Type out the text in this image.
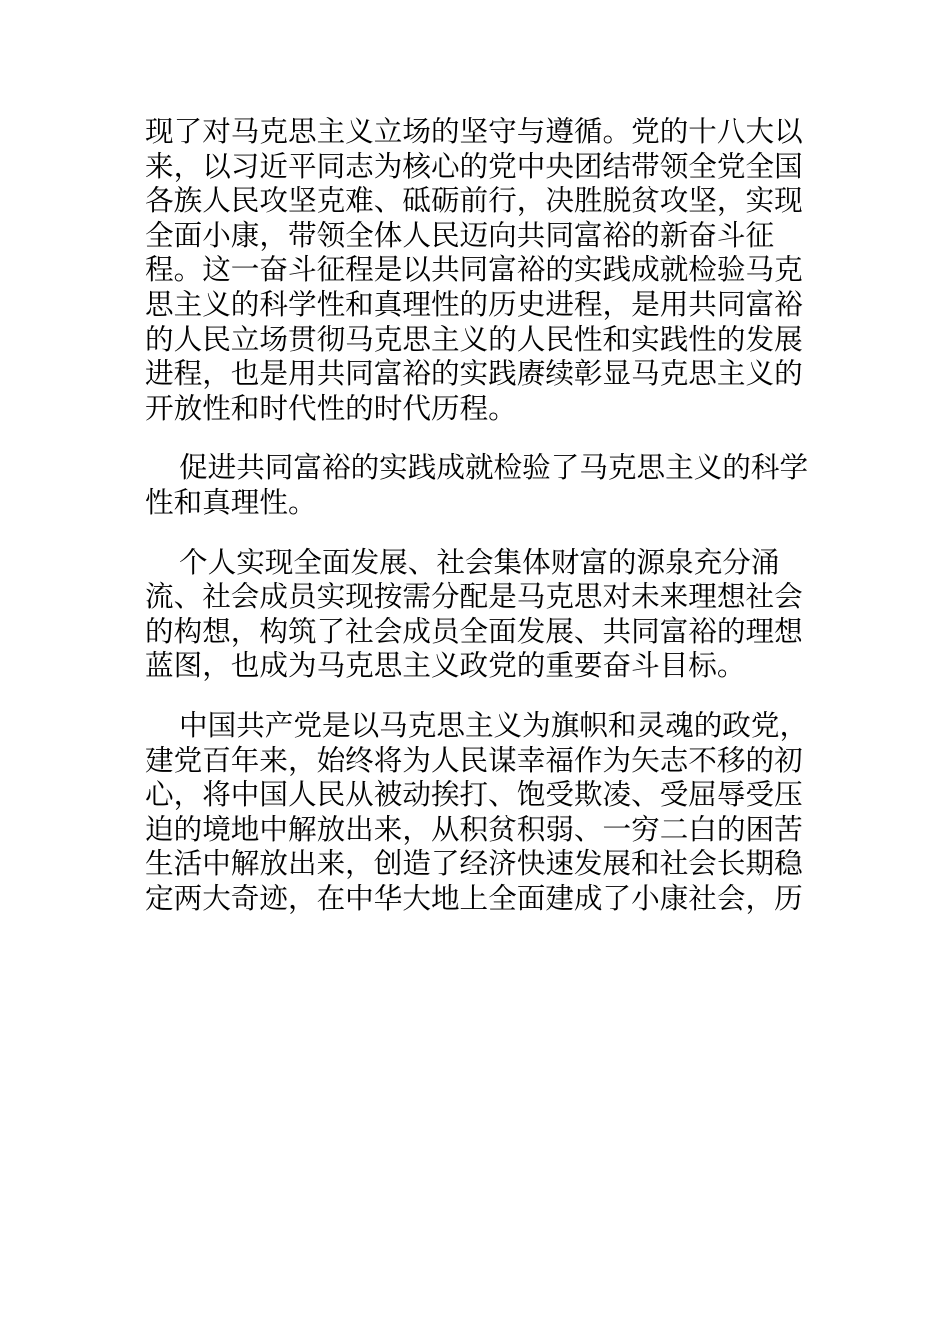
现了对马克思主义立场的坚守与遵循。党的十八大以来，以习近平同志为核心的党中央团结带领全党全国各族人民攻坚克难、砥砺前行，决胜脱贫攻坚，实现全面小康，带领全体人民迈向共同富裕的新奋斗征程。这一奋斗征程是以共同富裕的实践成就检验马克思主义的科学性和真理性的历史进程，是用共同富裕的人民立场贯彻马克思主义的人民性和实践性的发展进程，也是用共同富裕的实践赓续彰显马克思主义的开放性和时代性的时代历程。

促进共同富裕的实践成就检验了马克思主义的科学性和真理性。

个人实现全面发展、社会集体财富的源泉充分涌流、社会成员实现按需分配是马克思对未来理想社会的构想，构筑了社会成员全面发展、共同富裕的理想蓝图，也成为马克思主义政党的重要奋斗目标。

中国共产党是以马克思主义为旗帜和灵魂的政党，建党百年来，始终将为人民谋幸福作为矢志不移的初心，将中国人民从被动挨打、饱受欺凌、受屈辱受压迫的境地中解放出来，从积贫积弱、一穷二白的困苦生活中解放出来，创造了经济快速发展和社会长期稳定两大奇迹，在中华大地上全面建成了小康社会，历
